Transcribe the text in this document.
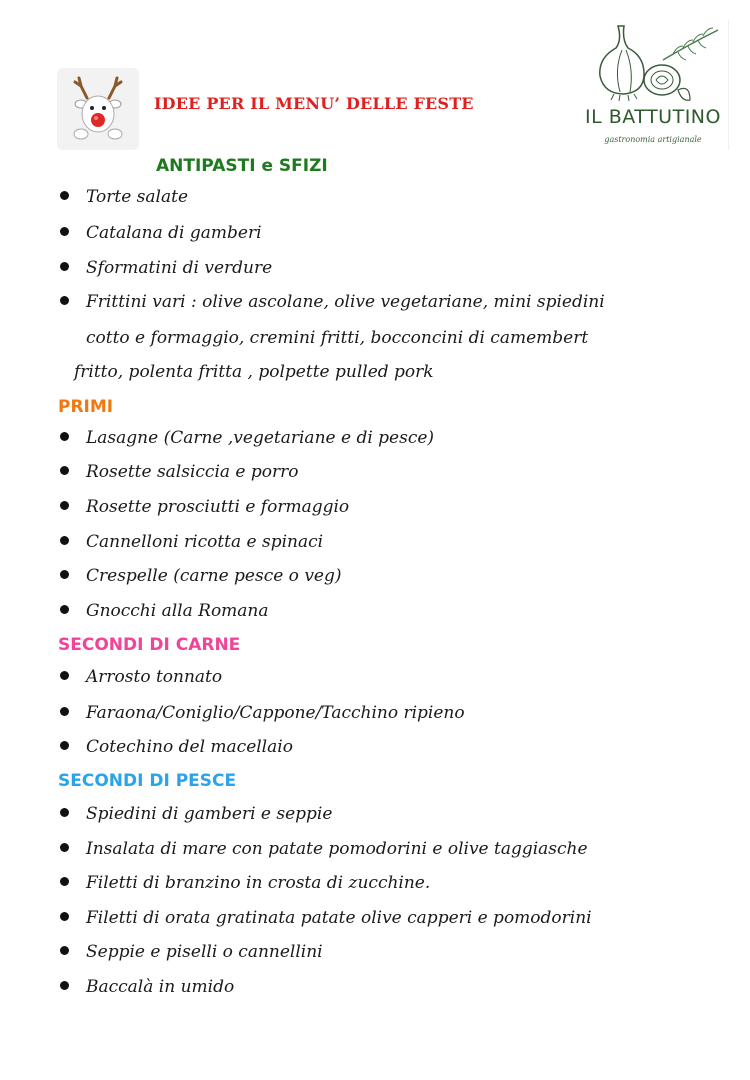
IDEE PER IL MENU’ DELLE FESTE
IL BATTUTINO
gastronomia artigianale
ANTIPASTI e SFIZI
Torte salate
Catalana di gamberi
Sformatini di verdure
Frittini vari : olive ascolane, olive vegetariane, mini spiedini
cotto e formaggio, cremini fritti, bocconcini di camembert
fritto, polenta fritta , polpette pulled pork
PRIMI
Lasagne (Carne ,vegetariane e di pesce)
Rosette salsiccia e porro
Rosette prosciutti e formaggio
Cannelloni ricotta e spinaci
Crespelle (carne pesce o veg)
Gnocchi alla Romana
SECONDI DI CARNE
Arrosto tonnato
Faraona/Coniglio/Cappone/Tacchino ripieno
Cotechino del macellaio
SECONDI DI PESCE
Spiedini di gamberi e seppie
Insalata di mare con patate pomodorini e olive taggiasche
Filetti di branzino in crosta di zucchine.
Filetti di orata gratinata patate olive capperi e pomodorini
Seppie e piselli o cannellini
Baccalà in umido
